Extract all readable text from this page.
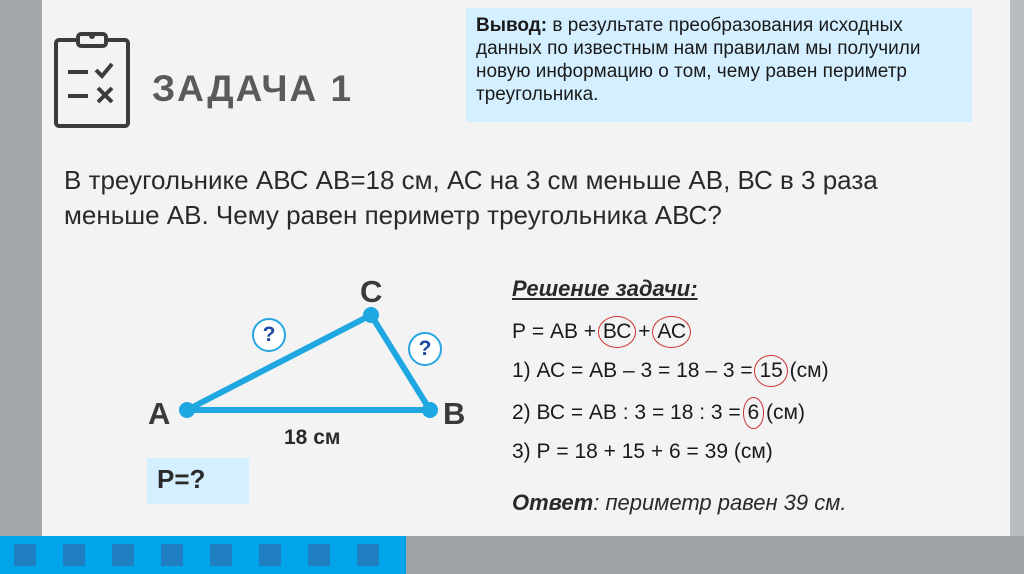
ЗАДАЧА 1
Вывод: в результате преобразования исходных данных по известным нам правилам мы получили новую информацию о том, чему равен периметр треугольника.
В треугольнике АВС АВ=18 см, АС на 3 см меньше АВ, ВС в 3 раза меньше АВ. Чему равен периметр треугольника АВС?
A	B
C
?
?
18 см
P=?
Решение задачи:
Р = АВ + ВС + АС
1) АС = АВ – 3 = 18 – 3 = 15 (см)
2) ВС = АВ : 3 = 18 : 3 = 6 (см)
3) Р = 18 + 15 + 6 = 39 (см)
Ответ: периметр равен 39 см.
